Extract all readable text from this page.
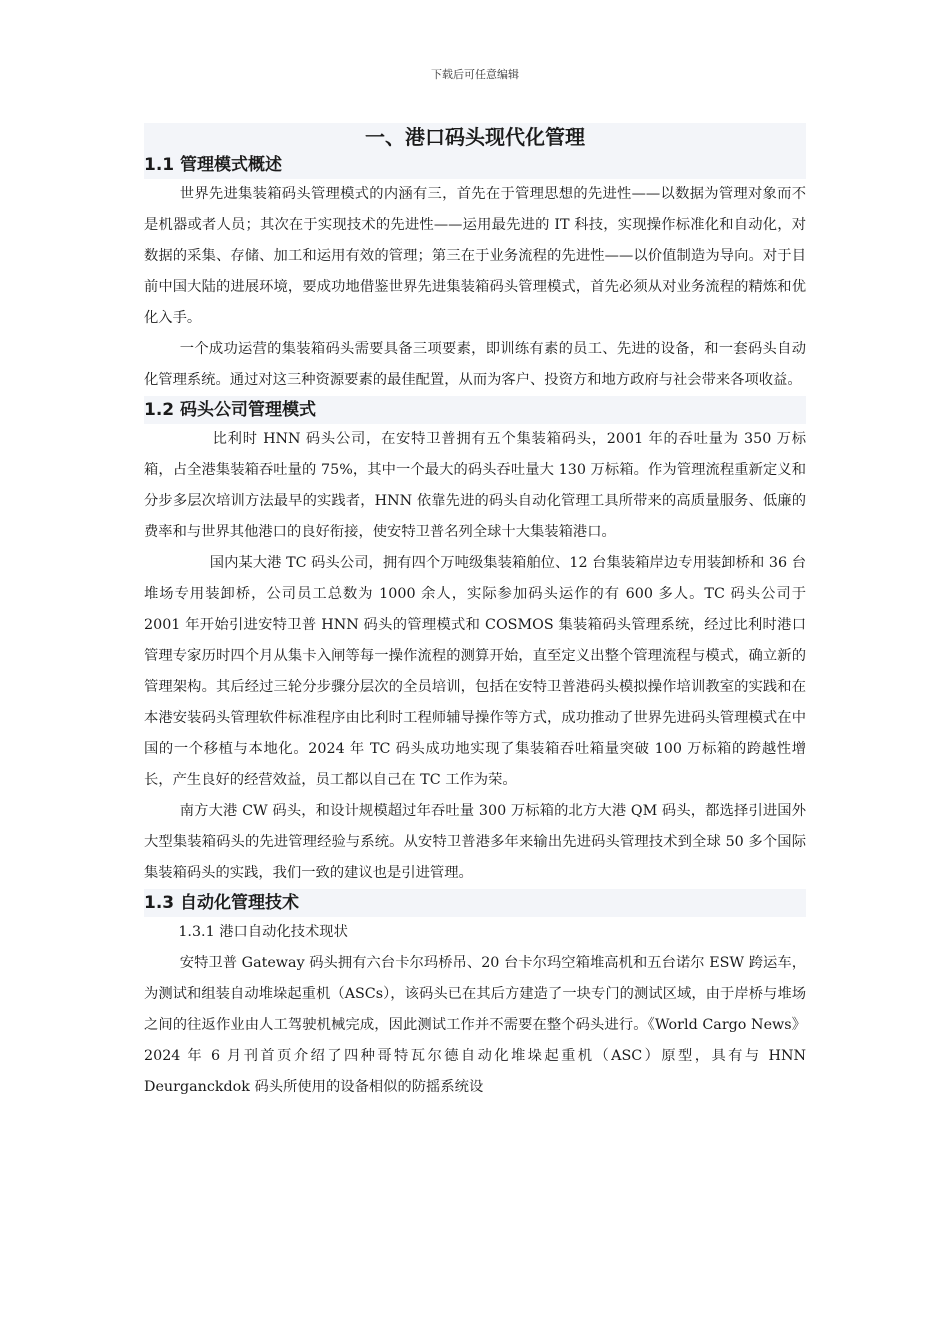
下载后可任意编辑
一、港口码头现代化管理
1.1 管理模式概述

世界先进集装箱码头管理模式的内涵有三，首先在于管理思想的先进性——以数据为管理对象而不是机器或者人员；其次在于实现技术的先进性——运用最先进的 IT 科技，实现操作标准化和自动化，对数据的采集、存储、加工和运用有效的管理；第三在于业务流程的先进性——以价值制造为导向。对于目前中国大陆的进展环境，要成功地借鉴世界先进集装箱码头管理模式，首先必须从对业务流程的精炼和优化入手。

一个成功运营的集装箱码头需要具备三项要素，即训练有素的员工、先进的设备，和一套码头自动化管理系统。通过对这三种资源要素的最佳配置，从而为客户、投资方和地方政府与社会带来各项收益。

1.2 码头公司管理模式

比利时 HNN 码头公司，在安特卫普拥有五个集装箱码头，2001 年的吞吐量为 350 万标箱，占全港集装箱吞吐量的 75%，其中一个最大的码头吞吐量大 130 万标箱。作为管理流程重新定义和分步多层次培训方法最早的实践者，HNN 依靠先进的码头自动化管理工具所带来的高质量服务、低廉的费率和与世界其他港口的良好衔接，使安特卫普名列全球十大集装箱港口。

国内某大港 TC 码头公司，拥有四个万吨级集装箱舶位、12 台集装箱岸边专用装卸桥和 36 台堆场专用装卸桥，公司员工总数为 1000 余人，实际参加码头运作的有 600 多人。TC 码头公司于 2001 年开始引进安特卫普 HNN 码头的管理模式和 COSMOS 集装箱码头管理系统，经过比利时港口管理专家历时四个月从集卡入闸等每一操作流程的测算开始，直至定义出整个管理流程与模式，确立新的管理架构。其后经过三轮分步骤分层次的全员培训，包括在安特卫普港码头模拟操作培训教室的实践和在本港安装码头管理软件标准程序由比利时工程师辅导操作等方式，成功推动了世界先进码头管理模式在中国的一个移植与本地化。2024 年 TC 码头成功地实现了集装箱吞吐箱量突破 100 万标箱的跨越性增长，产生良好的经营效益，员工都以自己在 TC 工作为荣。

南方大港 CW 码头，和设计规模超过年吞吐量 300 万标箱的北方大港 QM 码头，都选择引进国外大型集装箱码头的先进管理经验与系统。从安特卫普港多年来输出先进码头管理技术到全球 50 多个国际集装箱码头的实践，我们一致的建议也是引进管理。

1.3 自动化管理技术

1.3.1 港口自动化技术现状

安特卫普 Gateway 码头拥有六台卡尔玛桥吊、20 台卡尔玛空箱堆高机和五台诺尔 ESW 跨运车，为测试和组装自动堆垛起重机（ASCs），该码头已在其后方建造了一块专门的测试区域，由于岸桥与堆场之间的往返作业由人工驾驶机械完成，因此测试工作并不需要在整个码头进行。《World Cargo News》2024 年 6 月刊首页介绍了四种哥特瓦尔德自动化堆垛起重机（ASC）原型，具有与 HNN Deurganckdok 码头所使用的设备相似的防摇系统设
